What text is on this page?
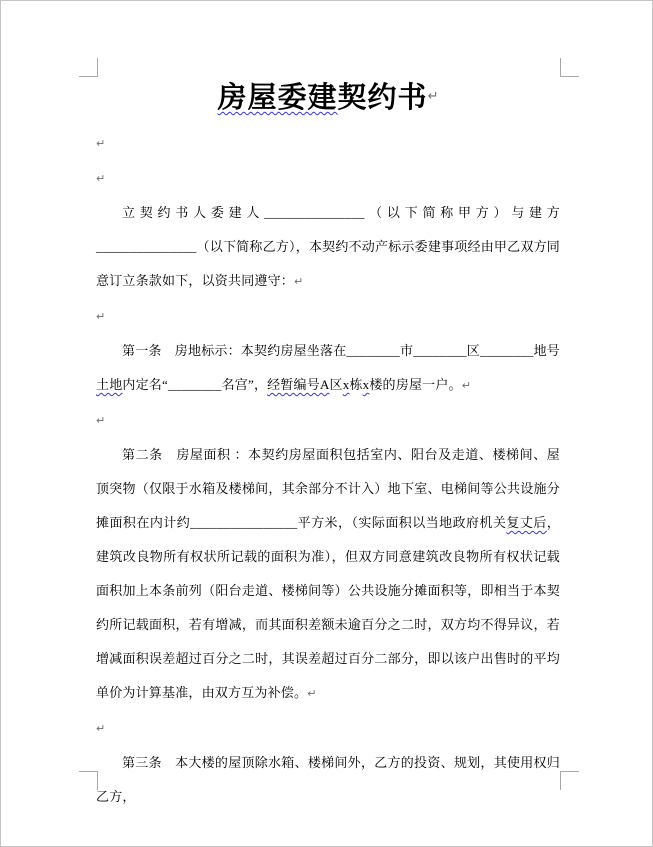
房屋委建契约书↵
↵
↵
立契约书人委建人_______________（以下简称甲方）与建方_______________（以下简称乙方），本契约不动产标示委建事项经由甲乙双方同意订立条款如下，以资共同遵守：↵
↵
第一条　房地标示：本契约房屋坐落在________市________区________地号土地内定名“________名宫”，经暂编号A区x栋x楼的房屋一户。↵
↵
第二条　房屋面积 ：本契约房屋面积包括室内、阳台及走道、楼梯间、屋顶突物（仅限于水箱及楼梯间，其余部分不计入）地下室、电梯间等公共设施分摊面积在内计约________________平方米，（实际面积以当地政府机关复丈后，建筑改良物所有权状所记载的面积为准），但双方同意建筑改良物所有权状记载面积加上本条前列（阳台走道、楼梯间等）公共设施分摊面积等，即相当于本契约所记载面积，若有增减，而其面积差额未逾百分之二时，双方均不得异议，若增减面积误差超过百分之二时，其误差超过百分二部分，即以该户出售时的平均单价为计算基准，由双方互为补偿。↵
↵
第三条　本大楼的屋顶除水箱、楼梯间外，乙方的投资、规划，其使用权归乙方，
